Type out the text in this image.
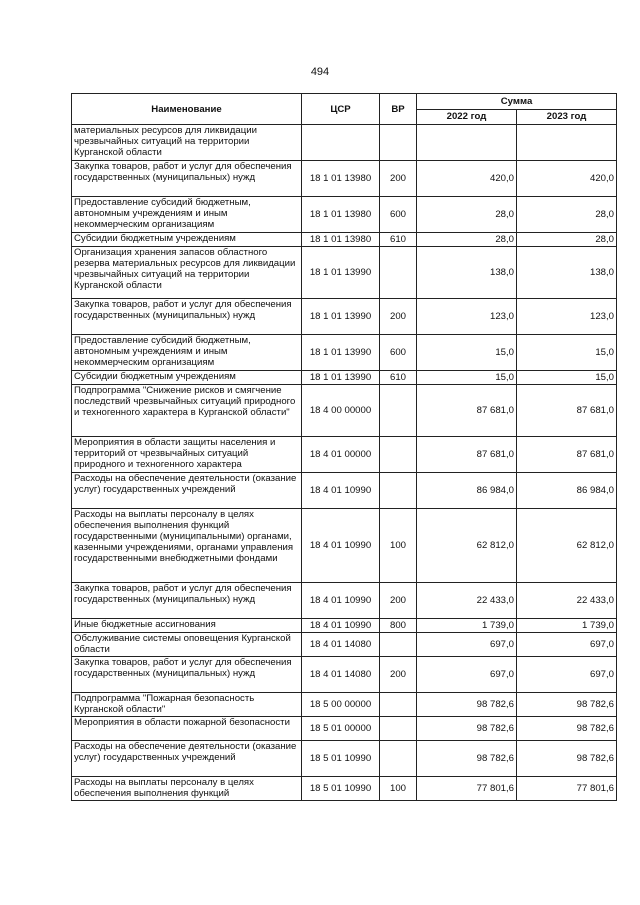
494
Наименование	ЦСР	ВР	Сумма	
			2022 год	2023 год
материальных ресурсов для ликвидации чрезвычайных ситуаций на территории Курганской области				
Закупка товаров, работ и услуг для обеспечения государственных (муниципальных) нужд	18 1 01 13980	200	420,0	420,0
Предоставление субсидий бюджетным, автономным учреждениям и иным некоммерческим организациям	18 1 01 13980	600	28,0	28,0
Субсидии бюджетным учреждениям	18 1 01 13980	610	28,0	28,0
Организация хранения запасов областного резерва материальных ресурсов для ликвидации чрезвычайных ситуаций на территории Курганской области	18 1 01 13990		138,0	138,0
Закупка товаров, работ и услуг для обеспечения государственных (муниципальных) нужд	18 1 01 13990	200	123,0	123,0
Предоставление субсидий бюджетным, автономным учреждениям и иным некоммерческим организациям	18 1 01 13990	600	15,0	15,0
Субсидии бюджетным учреждениям	18 1 01 13990	610	15,0	15,0
Подпрограмма "Снижение рисков и смягчение последствий чрезвычайных ситуаций природного и техногенного характера в Курганской области"	18 4 00 00000		87 681,0	87 681,0
Мероприятия в области защиты населения и территорий от чрезвычайных ситуаций природного и техногенного характера	18 4 01 00000		87 681,0	87 681,0
Расходы на обеспечение деятельности (оказание услуг) государственных учреждений	18 4 01 10990		86 984,0	86 984,0
Расходы на выплаты персоналу в целях обеспечения выполнения функций государственными (муниципальными) органами, казенными учреждениями, органами управления государственными внебюджетными фондами	18 4 01 10990	100	62 812,0	62 812,0
Закупка товаров, работ и услуг для обеспечения государственных (муниципальных) нужд	18 4 01 10990	200	22 433,0	22 433,0
Иные бюджетные ассигнования	18 4 01 10990	800	1 739,0	1 739,0
Обслуживание системы оповещения Курганской области	18 4 01 14080		697,0	697,0
Закупка товаров, работ и услуг для обеспечения государственных (муниципальных) нужд	18 4 01 14080	200	697,0	697,0
Подпрограмма "Пожарная безопасность Курганской области"	18 5 00 00000		98 782,6	98 782,6
Мероприятия в области пожарной безопасности	18 5 01 00000		98 782,6	98 782,6
Расходы на обеспечение деятельности (оказание услуг) государственных учреждений	18 5 01 10990		98 782,6	98 782,6
Расходы на выплаты персоналу в целях обеспечения выполнения функций	18 5 01 10990	100	77 801,6	77 801,6
